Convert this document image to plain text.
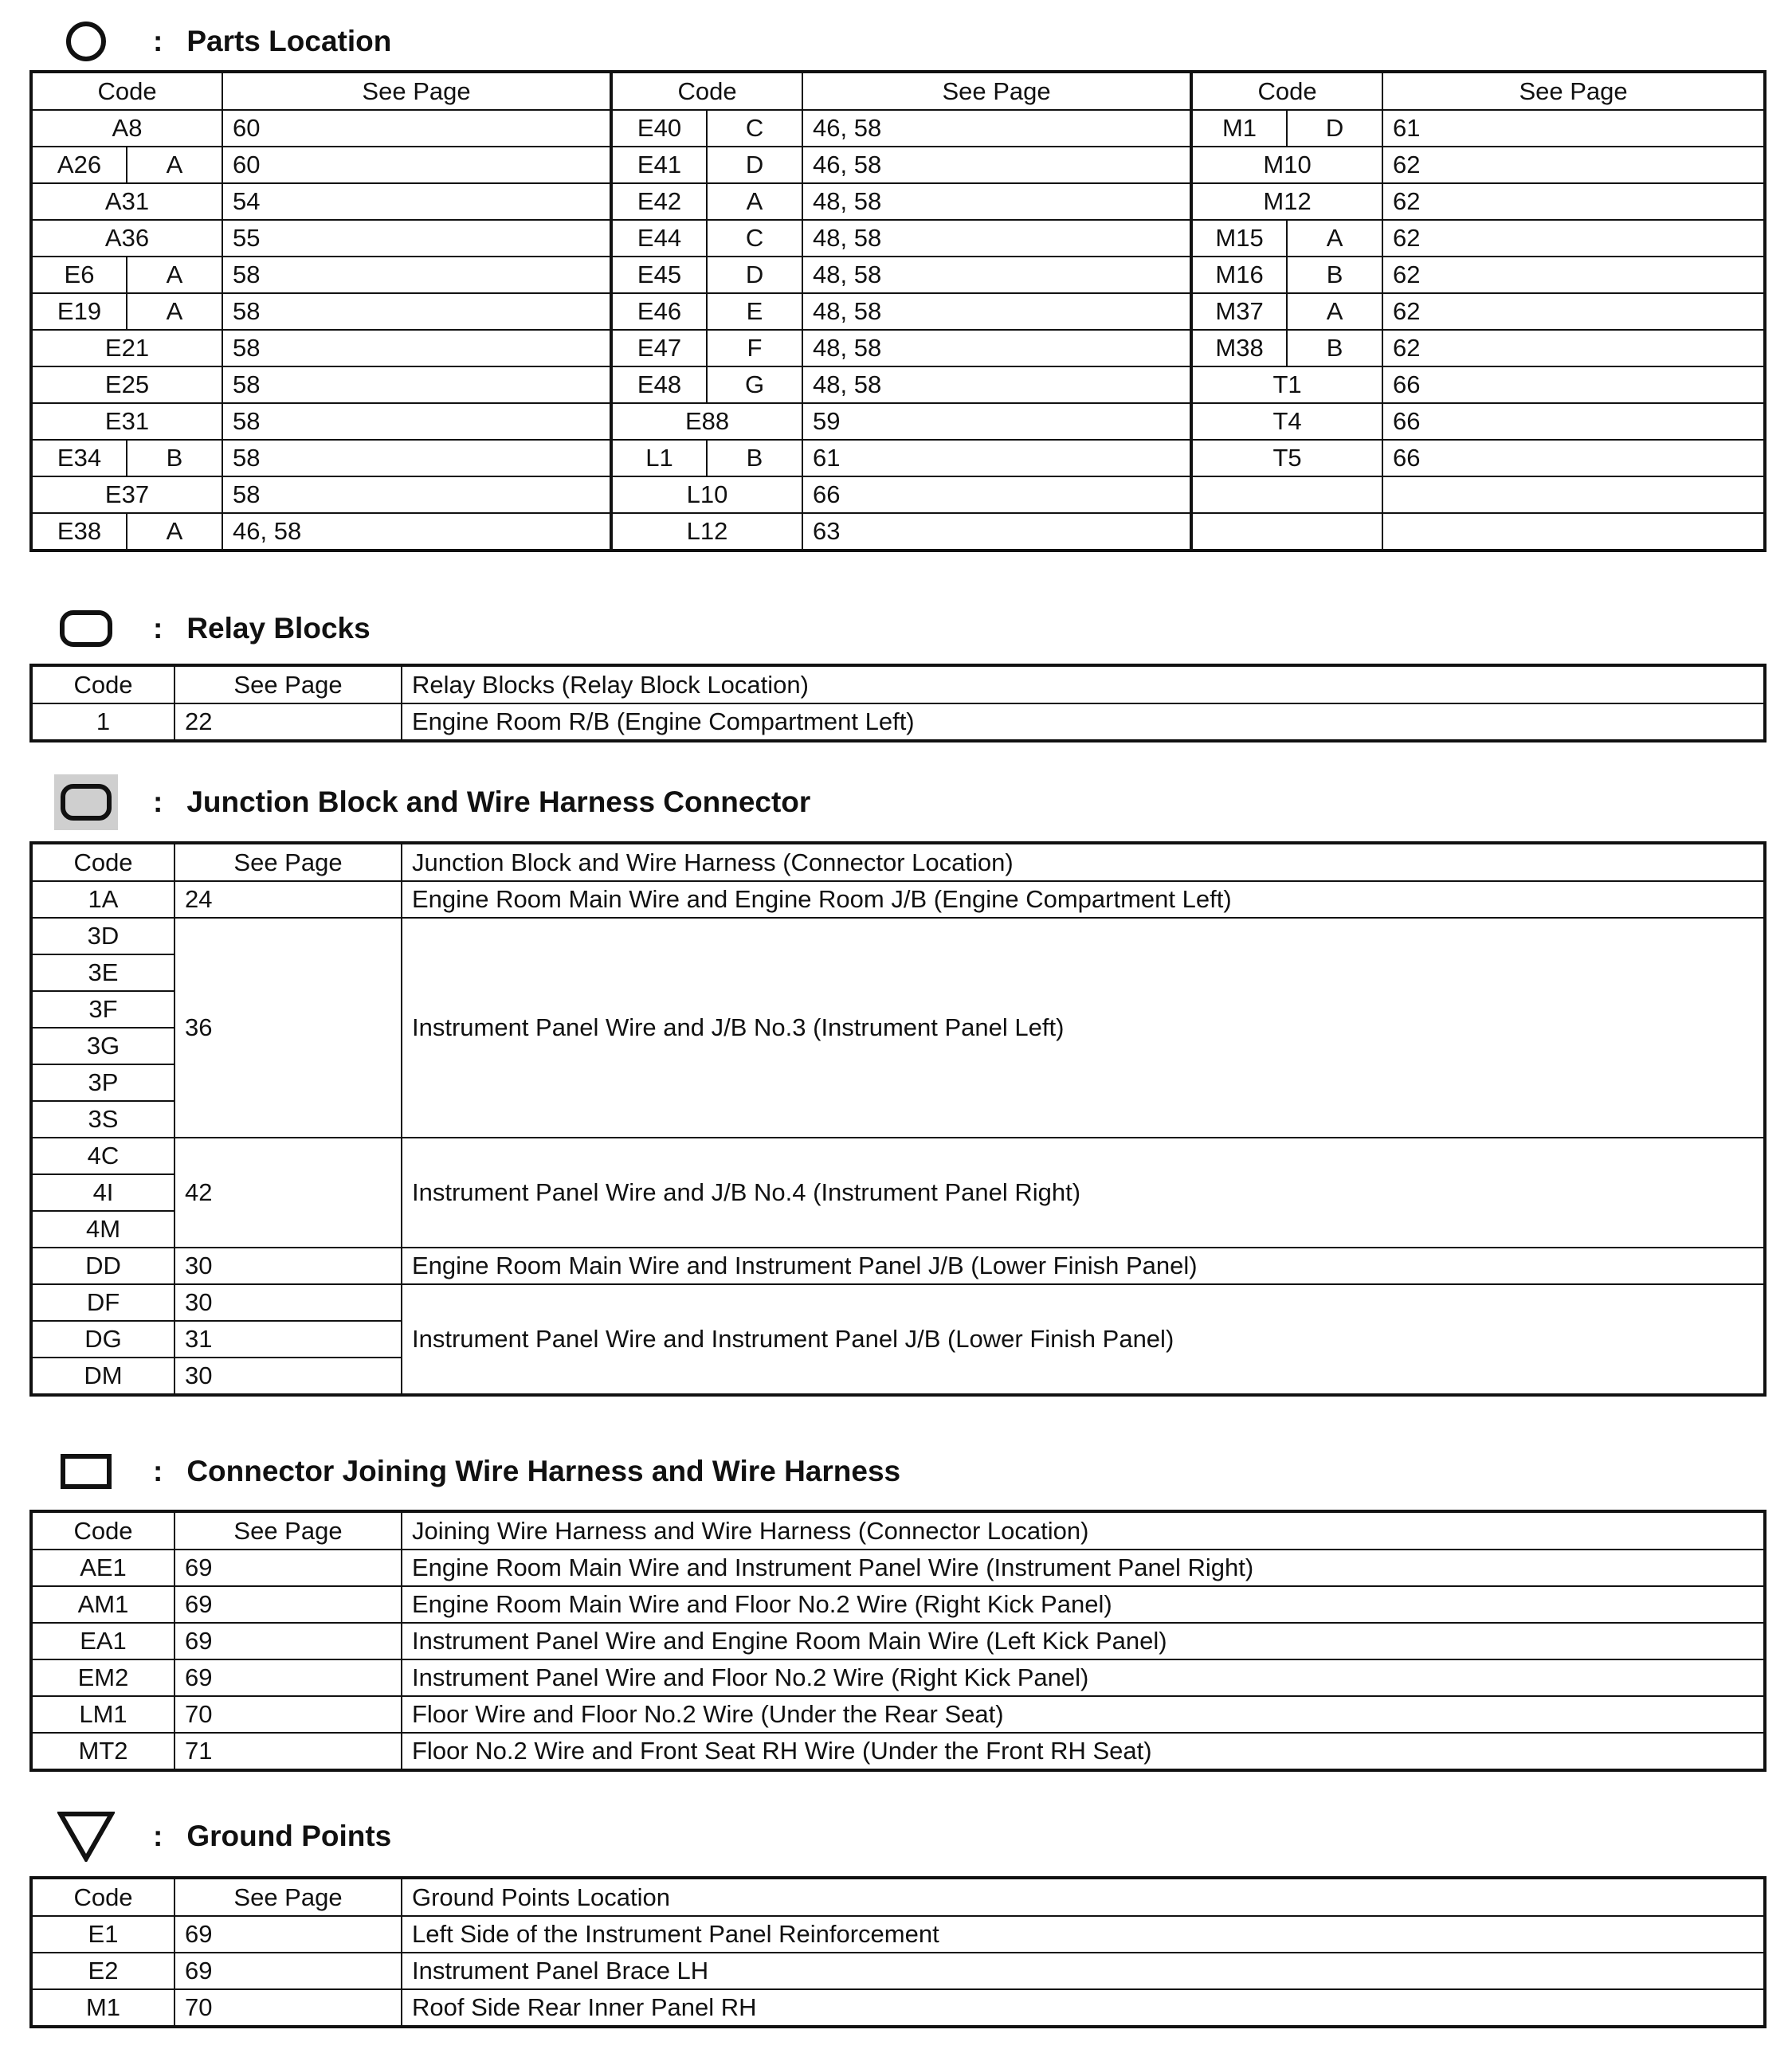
: Parts Location
Code		See Page	Code		See Page	Code		See Page
A8		60	E40	C	46, 58	M1	D	61
A26	A	60	E41	D	46, 58	M10		62
A31		54	E42	A	48, 58	M12		62
A36		55	E44	C	48, 58	M15	A	62
E6	A	58	E45	D	48, 58	M16	B	62
E19	A	58	E46	E	48, 58	M37	A	62
E21		58	E47	F	48, 58	M38	B	62
E25		58	E48	G	48, 58	T1		66
E31		58	E88		59	T4		66
E34	B	58	L1	B	61	T5		66
E37		58	L10		66			
E38	A	46, 58	L12		63			
: Relay Blocks
Code	See Page	Relay Blocks (Relay Block Location)
1	22	Engine Room R/B (Engine Compartment Left)
: Junction Block and Wire Harness Connector
Code	See Page	Junction Block and Wire Harness (Connector Location)
1A	24	Engine Room Main Wire and Engine Room J/B (Engine Compartment Left)
3D	36	Instrument Panel Wire and J/B No.3 (Instrument Panel Left)
3E		
3F		
3G		
3P		
3S		
4C	42	Instrument Panel Wire and J/B No.4 (Instrument Panel Right)
4I		
4M		
DD	30	Engine Room Main Wire and Instrument Panel J/B (Lower Finish Panel)
DF	30	Instrument Panel Wire and Instrument Panel J/B (Lower Finish Panel)
DG	31	
DM	30	
: Connector Joining Wire Harness and Wire Harness
Code	See Page	Joining Wire Harness and Wire Harness (Connector Location)
AE1	69	Engine Room Main Wire and Instrument Panel Wire (Instrument Panel Right)
AM1	69	Engine Room Main Wire and Floor No.2 Wire (Right Kick Panel)
EA1	69	Instrument Panel Wire and Engine Room Main Wire (Left Kick Panel)
EM2	69	Instrument Panel Wire and Floor No.2 Wire (Right Kick Panel)
LM1	70	Floor Wire and Floor No.2 Wire (Under the Rear Seat)
MT2	71	Floor No.2 Wire and Front Seat RH Wire (Under the Front RH Seat)
: Ground Points
Code	See Page	Ground Points Location
E1	69	Left Side of the Instrument Panel Reinforcement
E2	69	Instrument Panel Brace LH
M1	70	Roof Side Rear Inner Panel RH
